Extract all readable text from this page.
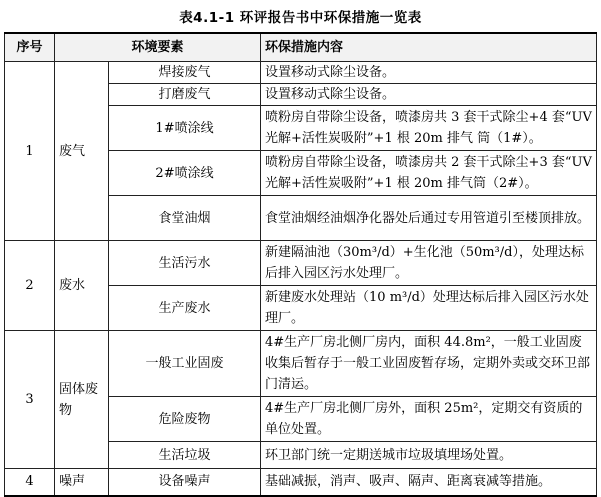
表4.1-1 环评报告书中环保措施一览表
序号	环境要素		环保措施内容
1	废气	焊接废气	设置移动式除尘设备。
		打磨废气	设置移动式除尘设备。
		1#喷涂线	喷粉房自带除尘设备，喷漆房共 3 套干式除尘+4 套“UV 光解+活性炭吸附”+1 根 20m 排气 筒（1#）。
		2#喷涂线	喷粉房自带除尘设备，喷漆房共 2 套干式除尘+3 套“UV 光解+活性炭吸附”+1 根 20m 排气筒（2#）。
		食堂油烟	食堂油烟经油烟净化器处后通过专用管道引至楼顶排放。
2	废水	生活污水	新建隔油池（30m³/d）+生化池（50m³/d），处理达标后排入园区污水处理厂。
		生产废水	新建废水处理站（10 m³/d）处理达标后排入园区污水处理厂。
3	固体废物	一般工业固废	4#生产厂房北侧厂房内，面积 44.8m²，一般工业固废收集后暂存于一般工业固废暂存场，定期外卖或交环卫部门清运。
		危险废物	4#生产厂房北侧厂房外，面积 25m²，定期交有资质的单位处置。
		生活垃圾	环卫部门统一定期送城市垃圾填埋场处置。
4	噪声	设备噪声	基础减振，消声、吸声、隔声、距离衰减等措施。
